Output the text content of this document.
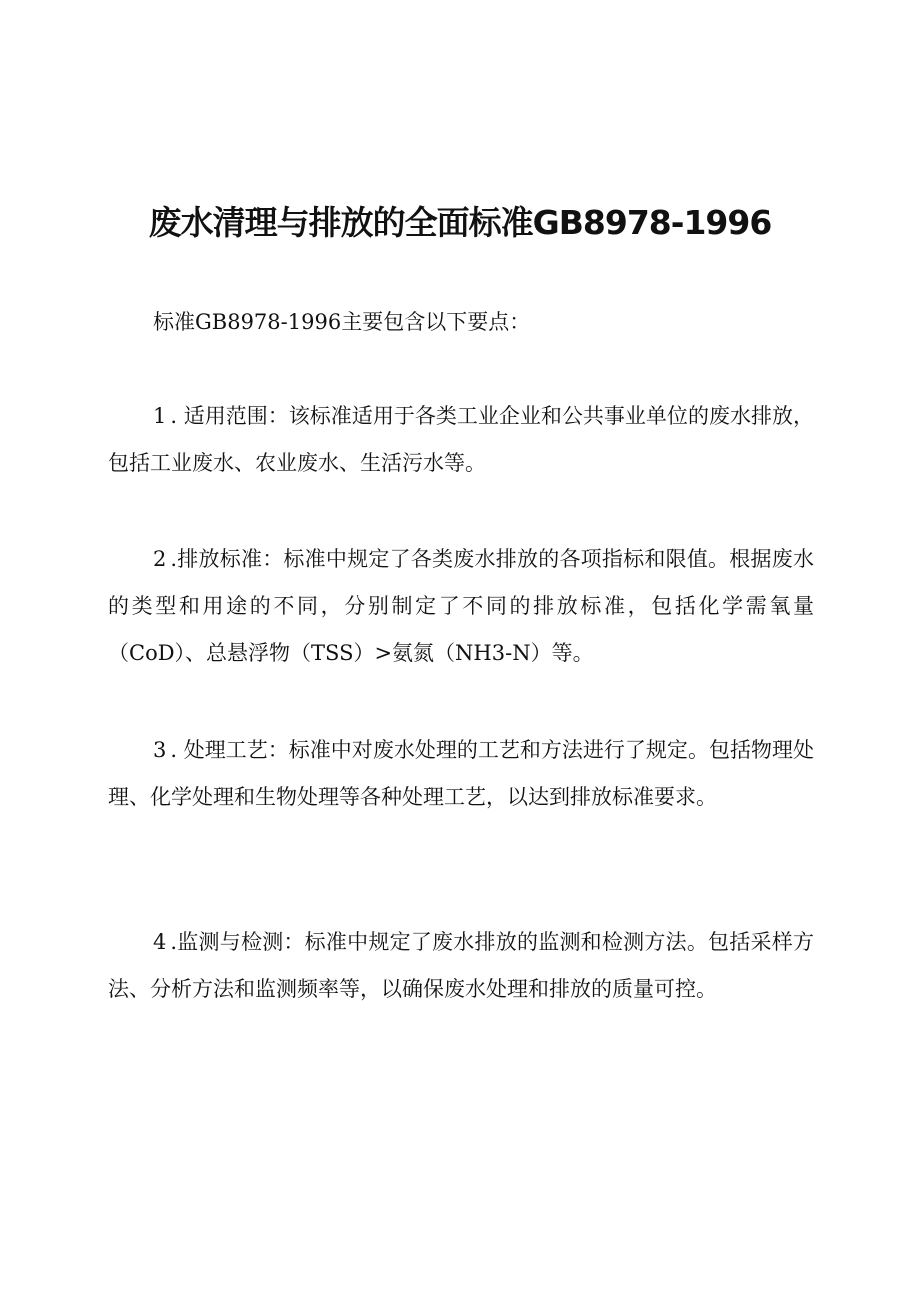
废水清理与排放的全面标准GB8978-1996

标准GB8978-1996主要包含以下要点：

1 . 适用范围：该标准适用于各类工业企业和公共事业单位的废水排放，包括工业废水、农业废水、生活污水等。

2 .排放标准：标准中规定了各类废水排放的各项指标和限值。根据废水的类型和用途的不同，分别制定了不同的排放标准，包括化学需氧量（CoD）、总悬浮物（TSS）>氨氮（NH3-N）等。

3 . 处理工艺：标准中对废水处理的工艺和方法进行了规定。包括物理处理、化学处理和生物处理等各种处理工艺，以达到排放标准要求。

4 .监测与检测：标准中规定了废水排放的监测和检测方法。包括采样方法、分析方法和监测频率等，以确保废水处理和排放的质量可控。
